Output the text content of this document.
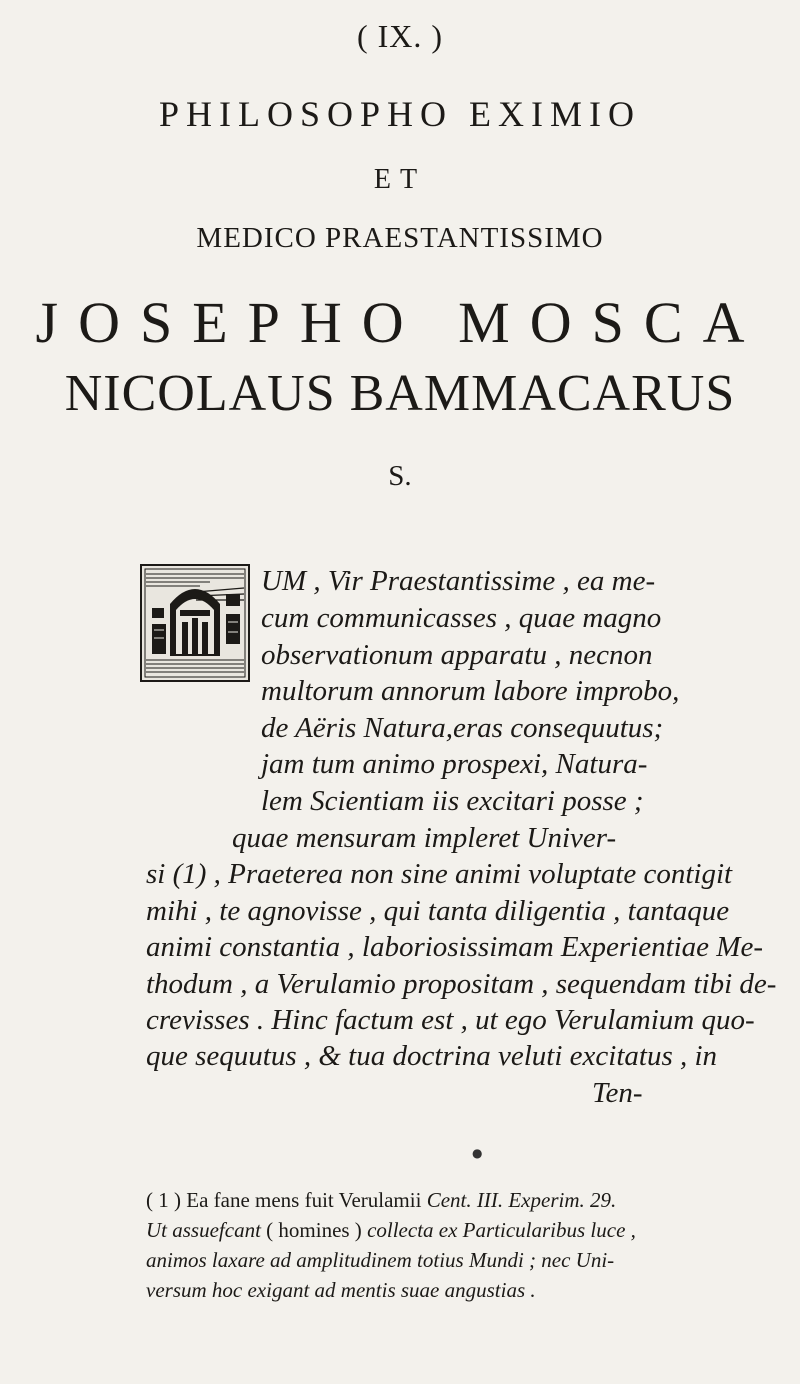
( IX. )
PHILOSOPHO EXIMIO
ET
MEDICO PRAESTANTISSIMO
JOSEPHO MOSCA
NICOLAUS BAMMACARUS
S.
UM , Vir Praestantissime , ea me-
cum communicasses , quae magno
observationum apparatu , necnon
multorum annorum labore improbo,
de Aëris Natura,eras consequutus;
jam tum animo prospexi, Natura-
lem Scientiam iis excitari posse ;
quae mensuram impleret Univer-
si (1) , Praeterea non sine animi voluptate contigit
mihi , te agnovisse , qui tanta diligentia , tantaque
animi constantia , laboriosissimam Experientiae Me-
thodum , a Verulamio propositam , sequendam tibi de-
crevisses . Hinc factum est , ut ego Verulamium quo-
que sequutus , & tua doctrina veluti excitatus , in
Ten-
●
( 1 ) Ea fane mens fuit Verulamii Cent. III. Experim. 29.
Ut assuefcant ( homines ) collecta ex Particularibus luce ,
animos laxare ad amplitudinem totius Mundi ; nec Uni-
versum hoc exigant ad mentis suae angustias .
